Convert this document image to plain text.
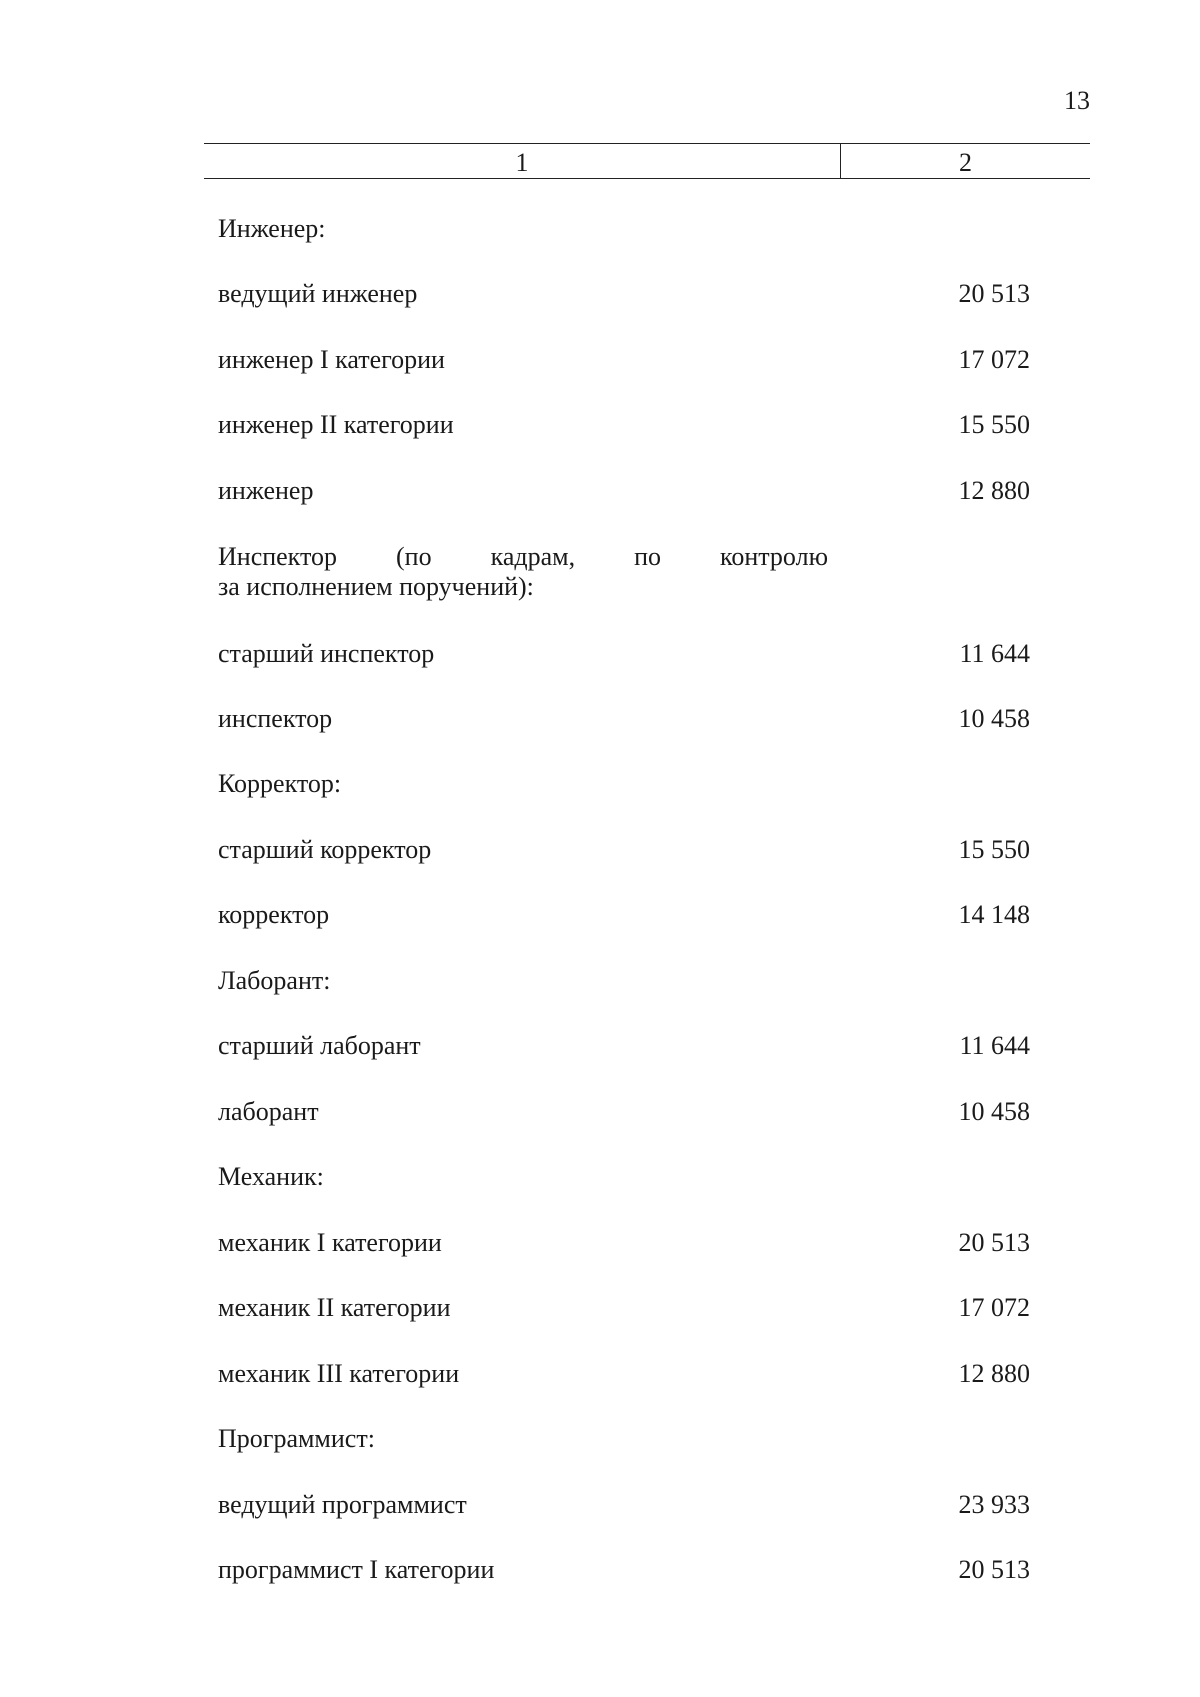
13
1	2
Инженер:
ведущий инженер	20 513
инженер I категории	17 072
инженер II категории	15 550
инженер	12 880
Инспектор (по кадрам, по контролю
за исполнением поручений):
старший инспектор	11 644
инспектор	10 458
Корректор:
старший корректор	15 550
корректор	14 148
Лаборант:
старший лаборант	11 644
лаборант	10 458
Механик:
механик I категории	20 513
механик II категории	17 072
механик III категории	12 880
Программист:
ведущий программист	23 933
программист I категории	20 513
